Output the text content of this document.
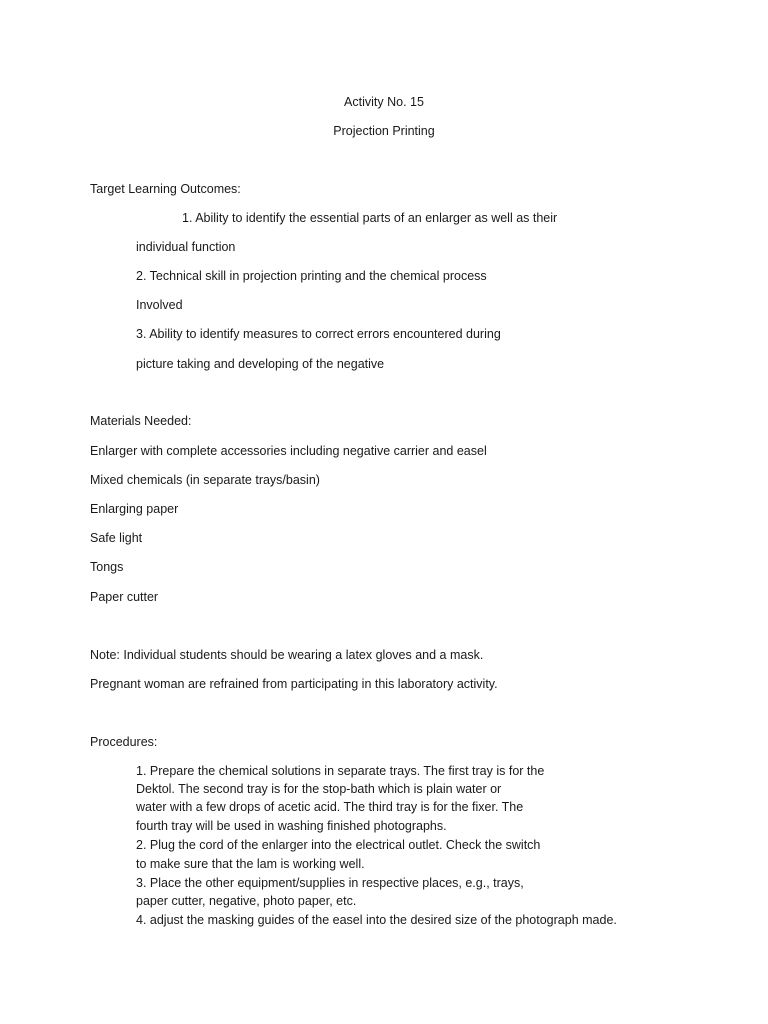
Activity No. 15
Projection Printing
Target Learning Outcomes:
1. Ability to identify the essential parts of an enlarger as well as their
individual function
2. Technical skill in projection printing and the chemical process
Involved
3. Ability to identify measures to correct errors encountered during
picture taking and developing of the negative
Materials Needed:
Enlarger with complete accessories including negative carrier and easel
Mixed chemicals (in separate trays/basin)
Enlarging paper
Safe light
Tongs
Paper cutter
Note: Individual students should be wearing a latex gloves and a mask.
Pregnant woman are refrained from participating in this laboratory activity.
Procedures:
1. Prepare the chemical solutions in separate trays. The first tray is for the
Dektol. The second tray is for the stop-bath which is plain water or
water with a few drops of acetic acid. The third tray is for the fixer. The
fourth tray will be used in washing finished photographs.
2. Plug the cord of the enlarger into the electrical outlet. Check the switch
to make sure that the lam is working well.
3. Place the other equipment/supplies in respective places, e.g., trays,
paper cutter, negative, photo paper, etc.
4. adjust the masking guides of the easel into the desired size of the photograph made.
